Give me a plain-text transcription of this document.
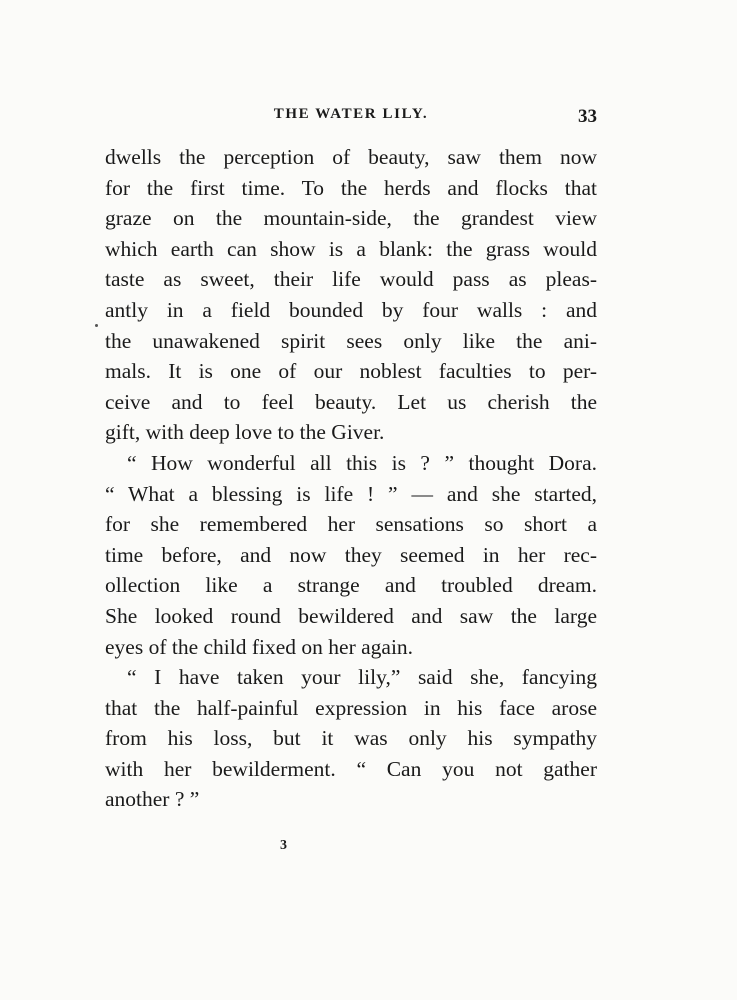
THE WATER LILY.	33
dwells the perception of beauty, saw them now
for the first time. To the herds and flocks that
graze on the mountain-side, the grandest view
which earth can show is a blank: the grass would
taste as sweet, their life would pass as pleas-
antly in a field bounded by four walls : and
the unawakened spirit sees only like the ani-
mals. It is one of our noblest faculties to per-
ceive and to feel beauty. Let us cherish the
gift, with deep love to the Giver.
“ How wonderful all this is ? ” thought Dora.
“ What a blessing is life ! ” — and she started,
for she remembered her sensations so short a
time before, and now they seemed in her rec-
ollection like a strange and troubled dream.
She looked round bewildered and saw the large
eyes of the child fixed on her again.
“ I have taken your lily,” said she, fancying
that the half-painful expression in his face arose
from his loss, but it was only his sympathy
with her bewilderment. “ Can you not gather
another ? ”
3
